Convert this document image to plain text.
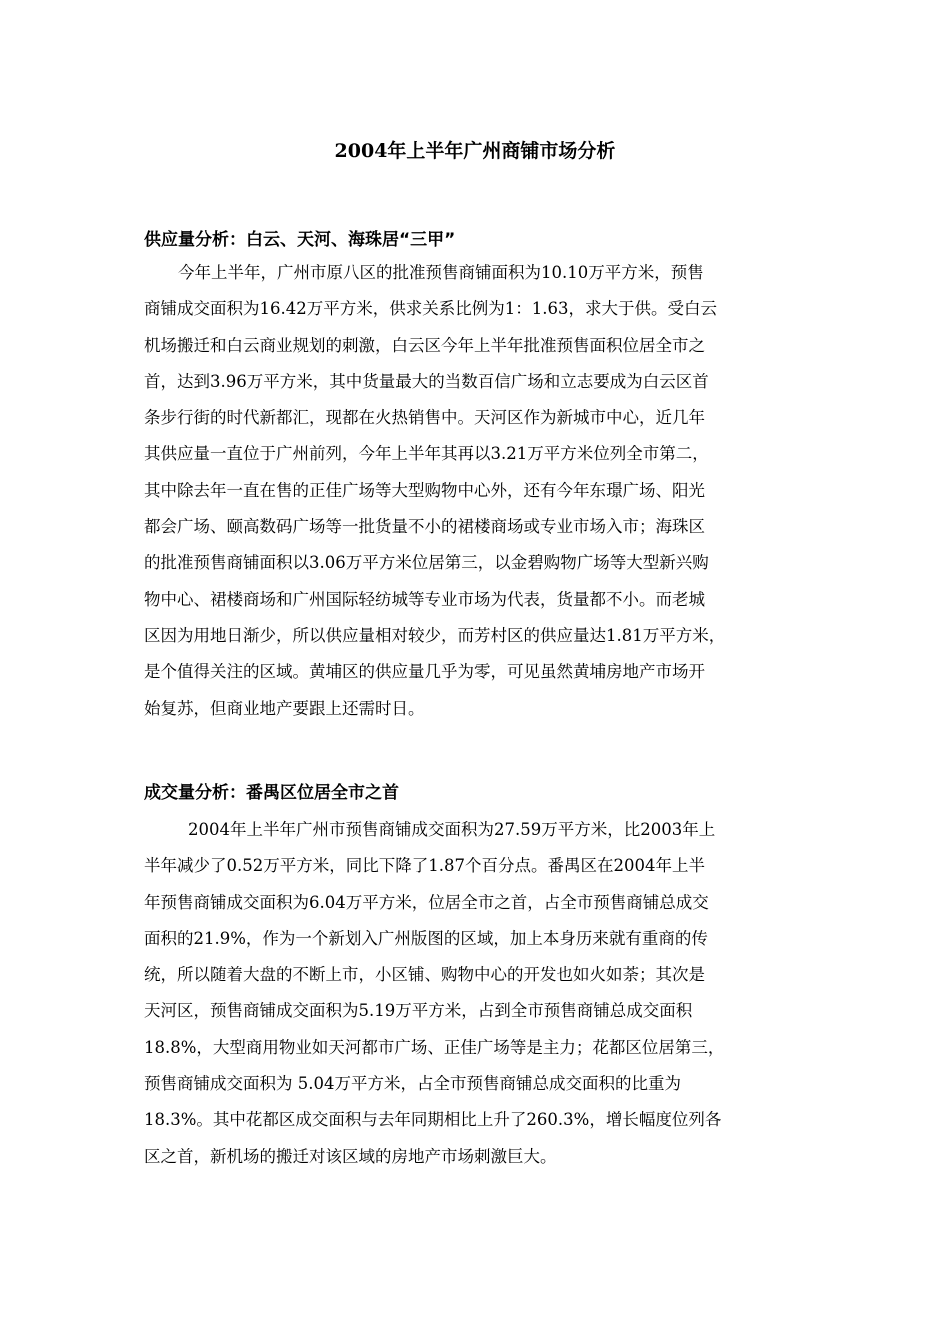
2004年上半年广州商铺市场分析
供应量分析：白云、天河、海珠居“三甲”
今年上半年，广州市原八区的批准预售商铺面积为10.10万平方米，预售
商铺成交面积为16.42万平方米，供求关系比例为1：1.63，求大于供。受白云
机场搬迁和白云商业规划的刺激，白云区今年上半年批准预售面积位居全市之
首，达到3.96万平方米，其中货量最大的当数百信广场和立志要成为白云区首
条步行街的时代新都汇，现都在火热销售中。天河区作为新城市中心，近几年
其供应量一直位于广州前列，今年上半年其再以3.21万平方米位列全市第二，
其中除去年一直在售的正佳广场等大型购物中心外，还有今年东璟广场、阳光
都会广场、颐高数码广场等一批货量不小的裙楼商场或专业市场入市；海珠区
的批准预售商铺面积以3.06万平方米位居第三，以金碧购物广场等大型新兴购
物中心、裙楼商场和广州国际轻纺城等专业市场为代表，货量都不小。而老城
区因为用地日渐少，所以供应量相对较少，而芳村区的供应量达1.81万平方米，
是个值得关注的区域。黄埔区的供应量几乎为零，可见虽然黄埔房地产市场开
始复苏，但商业地产要跟上还需时日。
成交量分析：番禺区位居全市之首
2004年上半年广州市预售商铺成交面积为27.59万平方米，比2003年上
半年减少了0.52万平方米，同比下降了1.87个百分点。番禺区在2004年上半
年预售商铺成交面积为6.04万平方米，位居全市之首，占全市预售商铺总成交
面积的21.9%，作为一个新划入广州版图的区域，加上本身历来就有重商的传
统，所以随着大盘的不断上市，小区铺、购物中心的开发也如火如荼；其次是
天河区，预售商铺成交面积为5.19万平方米，占到全市预售商铺总成交面积
18.8%，大型商用物业如天河都市广场、正佳广场等是主力；花都区位居第三，
预售商铺成交面积为 5.04万平方米，占全市预售商铺总成交面积的比重为
18.3%。其中花都区成交面积与去年同期相比上升了260.3%，增长幅度位列各
区之首，新机场的搬迁对该区域的房地产市场刺激巨大。
